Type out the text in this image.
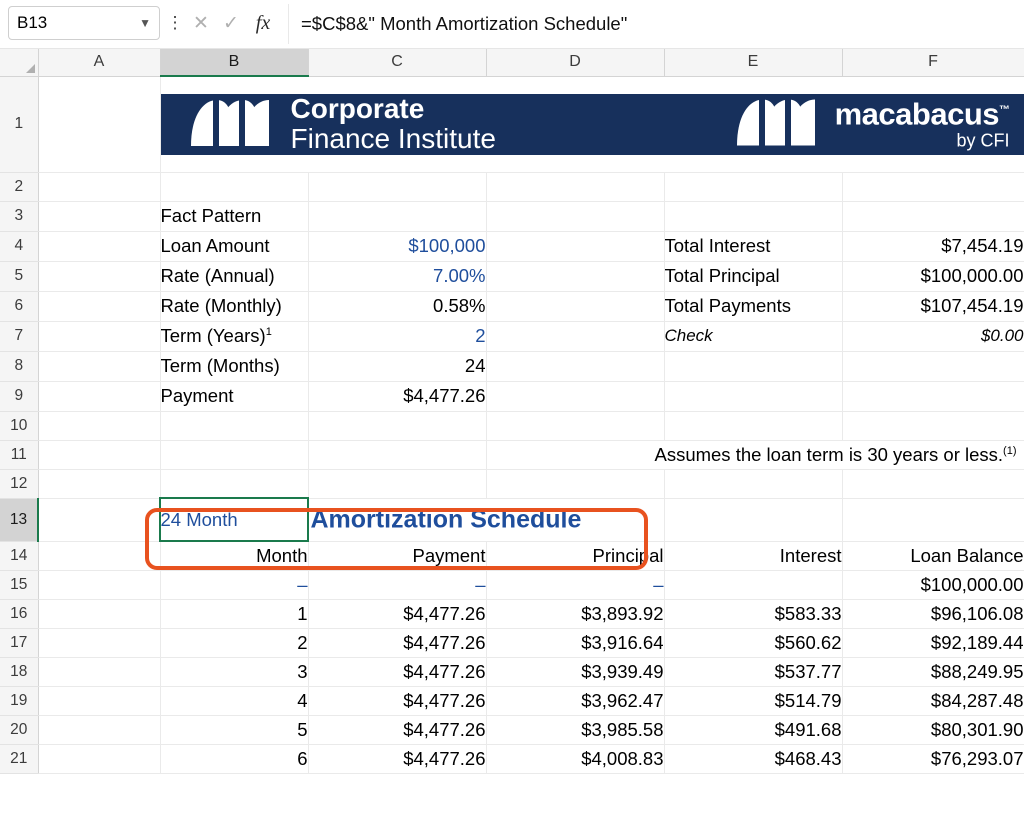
B13	▼ ⋮ ✕ ✓ fx	=$C$8&" Month Amortization Schedule"
	A	B	C	D	E	F
1		Corporate
Finance Institute
macabacus™
by CFI				

2						
3		Fact Pattern				
4		Loan Amount	$100,000		Total Interest	$7,454.19
5		Rate (Annual)	7.00%		Total Principal	$100,000.00
6		Rate (Monthly)	0.58%		Total Payments	$107,454.19
7		Term (Years)$^1$	2		Check	$0.00
8		Term (Months)	24			
9		Payment	$4,477.26			
10						
11				Assumes the loan term is 30 years or less.$^{(1)}$
12						
13		24 Month	Amortization Schedule			

14		Month	Payment	Principal	Interest	Loan Balance
15		–	–	–		$100,000.00
16		1	$4,477.26	$3,893.92	$583.33	$96,106.08
17		2	$4,477.26	$3,916.64	$560.62	$92,189.44
18		3	$4,477.26	$3,939.49	$537.77	$88,249.95
19		4	$4,477.26	$3,962.47	$514.79	$84,287.48
20		5	$4,477.26	$3,985.58	$491.68	$80,301.90
21		6	$4,477.26	$4,008.83	$468.43	$76,293.07
